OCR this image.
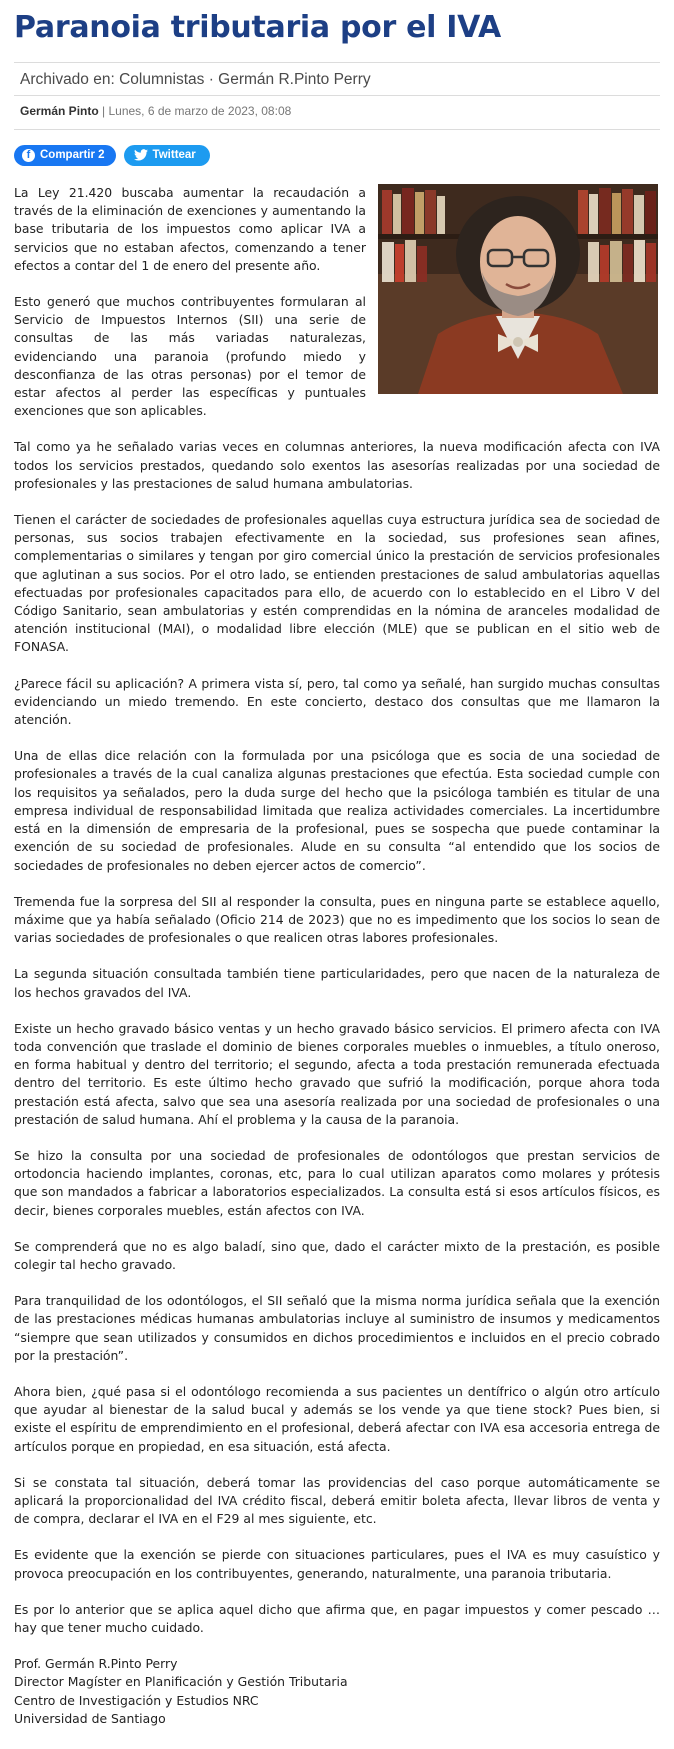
Paranoia tributaria por el IVA
Archivado en: Columnistas · Germán R.Pinto Perry
Germán Pinto | Lunes, 6 de marzo de 2023, 08:08
f Compartir 2	Twittear

La Ley 21.420 buscaba aumentar la recaudación a través de la eliminación de exenciones y aumentando la base tributaria de los impuestos como aplicar IVA a servicios que no estaban afectos, comenzando a tener efectos a contar del 1 de enero del presente año.

Esto generó que muchos contribuyentes formularan al Servicio de Impuestos Internos (SII) una serie de consultas de las más variadas naturalezas, evidenciando una paranoia (profundo miedo y desconfianza de las otras personas) por el temor de estar afectos al perder las específicas y puntuales exenciones que son aplicables.

Tal como ya he señalado varias veces en columnas anteriores, la nueva modificación afecta con IVA todos los servicios prestados, quedando solo exentos las asesorías realizadas por una sociedad de profesionales y las prestaciones de salud humana ambulatorias.

Tienen el carácter de sociedades de profesionales aquellas cuya estructura jurídica sea de sociedad de personas, sus socios trabajen efectivamente en la sociedad, sus profesiones sean afines, complementarias o similares y tengan por giro comercial único la prestación de servicios profesionales que aglutinan a sus socios. Por el otro lado, se entienden prestaciones de salud ambulatorias aquellas efectuadas por profesionales capacitados para ello, de acuerdo con lo establecido en el Libro V del Código Sanitario, sean ambulatorias y estén comprendidas en la nómina de aranceles modalidad de atención institucional (MAI), o modalidad libre elección (MLE) que se publican en el sitio web de FONASA.

¿Parece fácil su aplicación? A primera vista sí, pero, tal como ya señalé, han surgido muchas consultas evidenciando un miedo tremendo. En este concierto, destaco dos consultas que me llamaron la atención.

Una de ellas dice relación con la formulada por una psicóloga que es socia de una sociedad de profesionales a través de la cual canaliza algunas prestaciones que efectúa. Esta sociedad cumple con los requisitos ya señalados, pero la duda surge del hecho que la psicóloga también es titular de una empresa individual de responsabilidad limitada que realiza actividades comerciales. La incertidumbre está en la dimensión de empresaria de la profesional, pues se sospecha que puede contaminar la exención de su sociedad de profesionales. Alude en su consulta “al entendido que los socios de sociedades de profesionales no deben ejercer actos de comercio”.

Tremenda fue la sorpresa del SII al responder la consulta, pues en ninguna parte se establece aquello, máxime que ya había señalado (Oficio 214 de 2023) que no es impedimento que los socios lo sean de varias sociedades de profesionales o que realicen otras labores profesionales.

La segunda situación consultada también tiene particularidades, pero que nacen de la naturaleza de los hechos gravados del IVA.

Existe un hecho gravado básico ventas y un hecho gravado básico servicios. El primero afecta con IVA toda convención que traslade el dominio de bienes corporales muebles o inmuebles, a título oneroso, en forma habitual y dentro del territorio; el segundo, afecta a toda prestación remunerada efectuada dentro del territorio. Es este último hecho gravado que sufrió la modificación, porque ahora toda prestación está afecta, salvo que sea una asesoría realizada por una sociedad de profesionales o una prestación de salud humana. Ahí el problema y la causa de la paranoia.

Se hizo la consulta por una sociedad de profesionales de odontólogos que prestan servicios de ortodoncia haciendo implantes, coronas, etc, para lo cual utilizan aparatos como molares y prótesis que son mandados a fabricar a laboratorios especializados. La consulta está si esos artículos físicos, es decir, bienes corporales muebles, están afectos con IVA.

Se comprenderá que no es algo baladí, sino que, dado el carácter mixto de la prestación, es posible colegir tal hecho gravado.

Para tranquilidad de los odontólogos, el SII señaló que la misma norma jurídica señala que la exención de las prestaciones médicas humanas ambulatorias incluye al suministro de insumos y medicamentos “siempre que sean utilizados y consumidos en dichos procedimientos e incluidos en el precio cobrado por la prestación”.

Ahora bien, ¿qué pasa si el odontólogo recomienda a sus pacientes un dentífrico o algún otro artículo que ayudar al bienestar de la salud bucal y además se los vende ya que tiene stock? Pues bien, si existe el espíritu de emprendimiento en el profesional, deberá afectar con IVA esa accesoria entrega de artículos porque en propiedad, en esa situación, está afecta.

Si se constata tal situación, deberá tomar las providencias del caso porque automáticamente se aplicará la proporcionalidad del IVA crédito fiscal, deberá emitir boleta afecta, llevar libros de venta y de compra, declarar el IVA en el F29 al mes siguiente, etc.

Es evidente que la exención se pierde con situaciones particulares, pues el IVA es muy casuístico y provoca preocupación en los contribuyentes, generando, naturalmente, una paranoia tributaria.

Es por lo anterior que se aplica aquel dicho que afirma que, en pagar impuestos y comer pescado … hay que tener mucho cuidado.

Prof. Germán R.Pinto Perry
Director Magíster en Planificación y Gestión Tributaria
Centro de Investigación y Estudios NRC
Universidad de Santiago
